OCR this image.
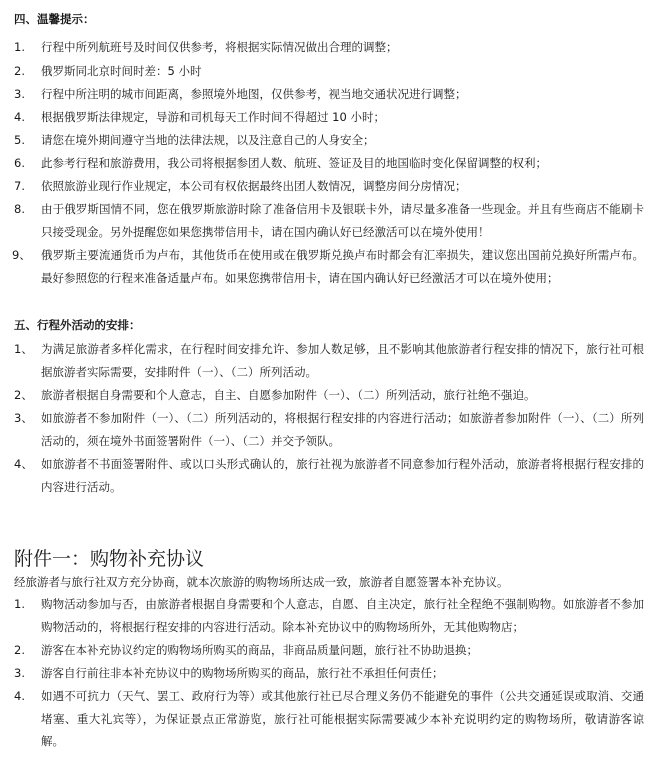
四、温馨提示：
1.	行程中所列航班号及时间仅供参考，将根据实际情况做出合理的调整；
2.	俄罗斯同北京时间时差：5 小时
3.	行程中所注明的城市间距离，参照境外地图，仅供参考，视当地交通状况进行调整；
4.	根据俄罗斯法律规定，导游和司机每天工作时间不得超过 10 小时；
5.	请您在境外期间遵守当地的法律法规，以及注意自己的人身安全；
6.	此参考行程和旅游费用，我公司将根据参团人数、航班、签证及目的地国临时变化保留调整的权利；
7.	依照旅游业现行作业规定，本公司有权依据最终出团人数情况，调整房间分房情况；
8.	由于俄罗斯国情不同，您在俄罗斯旅游时除了准备信用卡及银联卡外，请尽量多准备一些现金。并且有些商店不能刷卡只接受现金。另外提醒您如果您携带信用卡，请在国内确认好已经激活可以在境外使用！
9、 俄罗斯主要流通货币为卢布，其他货币在使用或在俄罗斯兑换卢布时都会有汇率损失，建议您出国前兑换好所需卢布。最好参照您的行程来准备适量卢布。如果您携带信用卡，请在国内确认好已经激活才可以在境外使用；
五、行程外活动的安排：
1、 为满足旅游者多样化需求，在行程时间安排允许、参加人数足够，且不影响其他旅游者行程安排的情况下，旅行社可根据旅游者实际需要，安排附件（一）、（二）所列活动。
2、 旅游者根据自身需要和个人意志，自主、自愿参加附件（一）、（二）所列活动，旅行社绝不强迫。
3、 如旅游者不参加附件（一）、（二）所列活动的，将根据行程安排的内容进行活动；如旅游者参加附件（一）、（二）所列活动的，须在境外书面签署附件（一）、（二）并交予领队。
4、 如旅游者不书面签署附件、或以口头形式确认的，旅行社视为旅游者不同意参加行程外活动，旅游者将根据行程安排的内容进行活动。
附件一：购物补充协议
经旅游者与旅行社双方充分协商，就本次旅游的购物场所达成一致，旅游者自愿签署本补充协议。
1.	购物活动参加与否，由旅游者根据自身需要和个人意志，自愿、自主决定，旅行社全程绝不强制购物。如旅游者不参加购物活动的，将根据行程安排的内容进行活动。除本补充协议中的购物场所外，无其他购物店；
2.	游客在本补充协议约定的购物场所购买的商品，非商品质量问题，旅行社不协助退换；
3.	游客自行前往非本补充协议中的购物场所购买的商品，旅行社不承担任何责任；
4.	如遇不可抗力（天气、罢工、政府行为等）或其他旅行社已尽合理义务仍不能避免的事件（公共交通延误或取消、交通堵塞、重大礼宾等），为保证景点正常游览，旅行社可能根据实际需要减少本补充说明约定的购物场所，敬请游客谅解。
